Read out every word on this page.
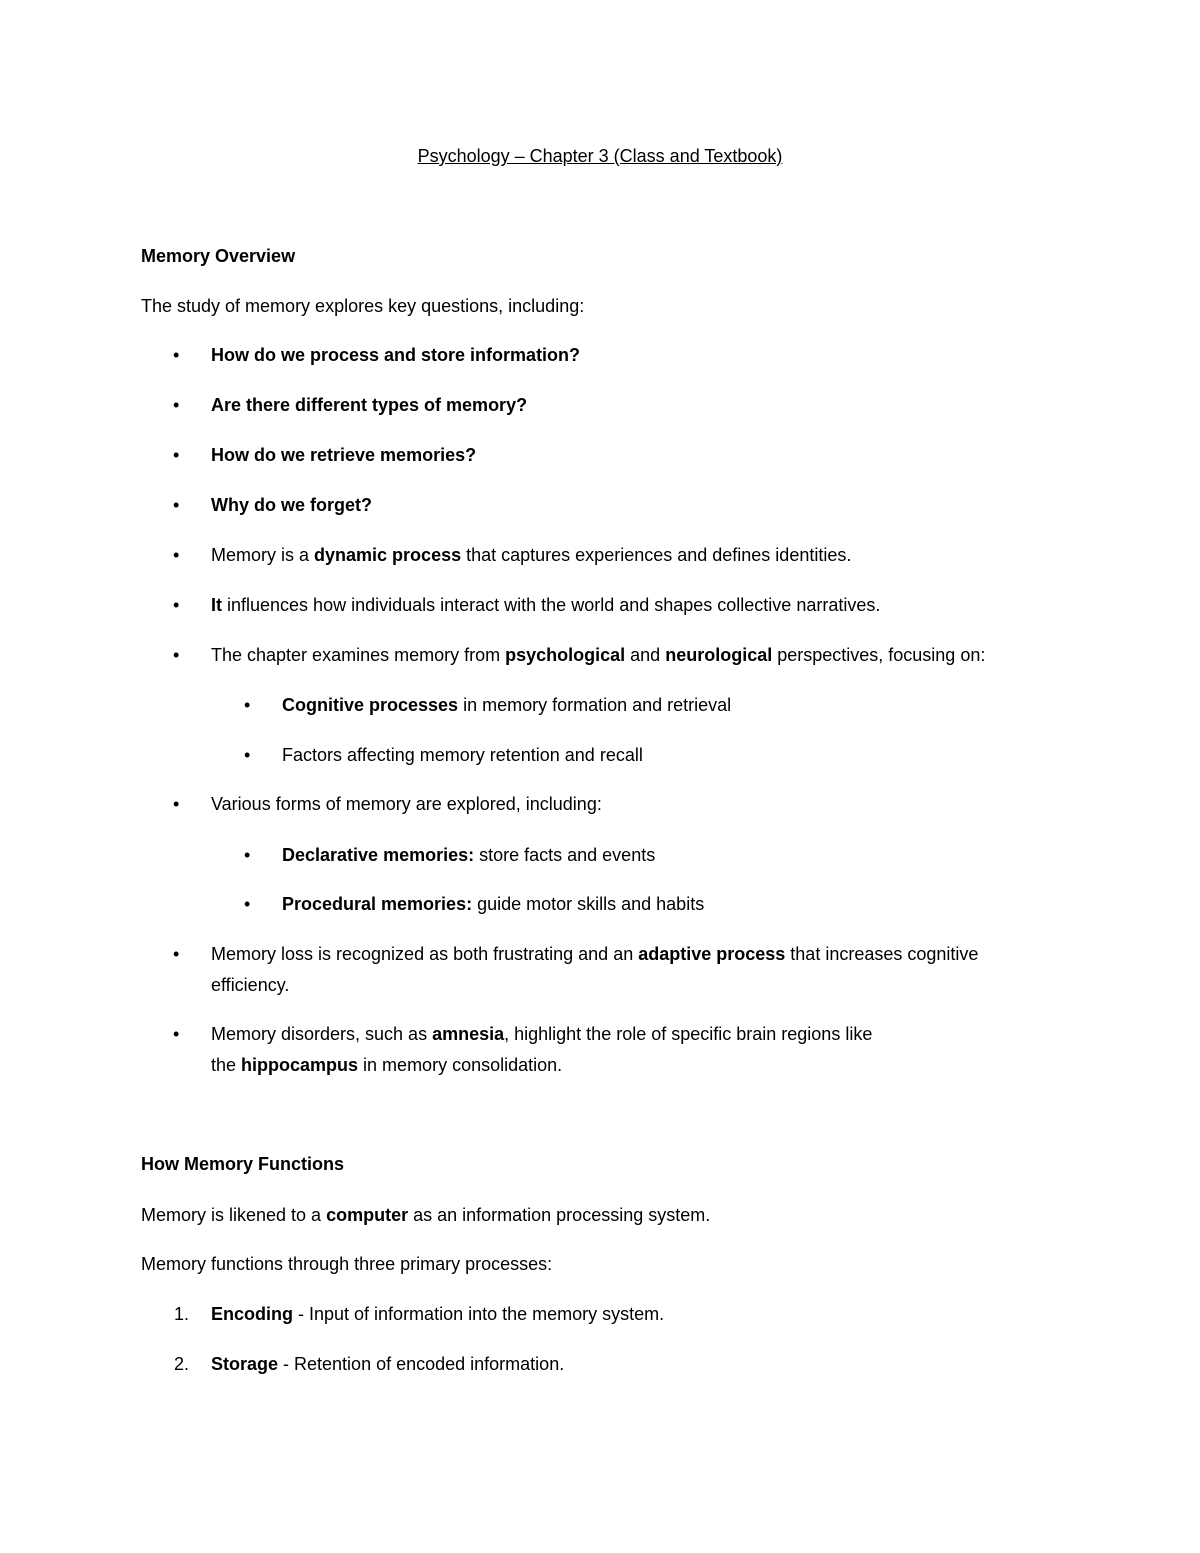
Psychology – Chapter 3 (Class and Textbook)
Memory Overview
The study of memory explores key questions, including:
• How do we process and store information?
• Are there different types of memory?
• How do we retrieve memories?
• Why do we forget?
• Memory is a dynamic process that captures experiences and defines identities.
• It influences how individuals interact with the world and shapes collective narratives.
• The chapter examines memory from psychological and neurological perspectives, focusing on:
• Cognitive processes in memory formation and retrieval
• Factors affecting memory retention and recall
• Various forms of memory are explored, including:
• Declarative memories: store facts and events
• Procedural memories: guide motor skills and habits
• Memory loss is recognized as both frustrating and an adaptive process that increases cognitive
efficiency.
• Memory disorders, such as amnesia, highlight the role of specific brain regions like
the hippocampus in memory consolidation.
How Memory Functions
Memory is likened to a computer as an information processing system.
Memory functions through three primary processes:
1. Encoding - Input of information into the memory system.
2. Storage - Retention of encoded information.
